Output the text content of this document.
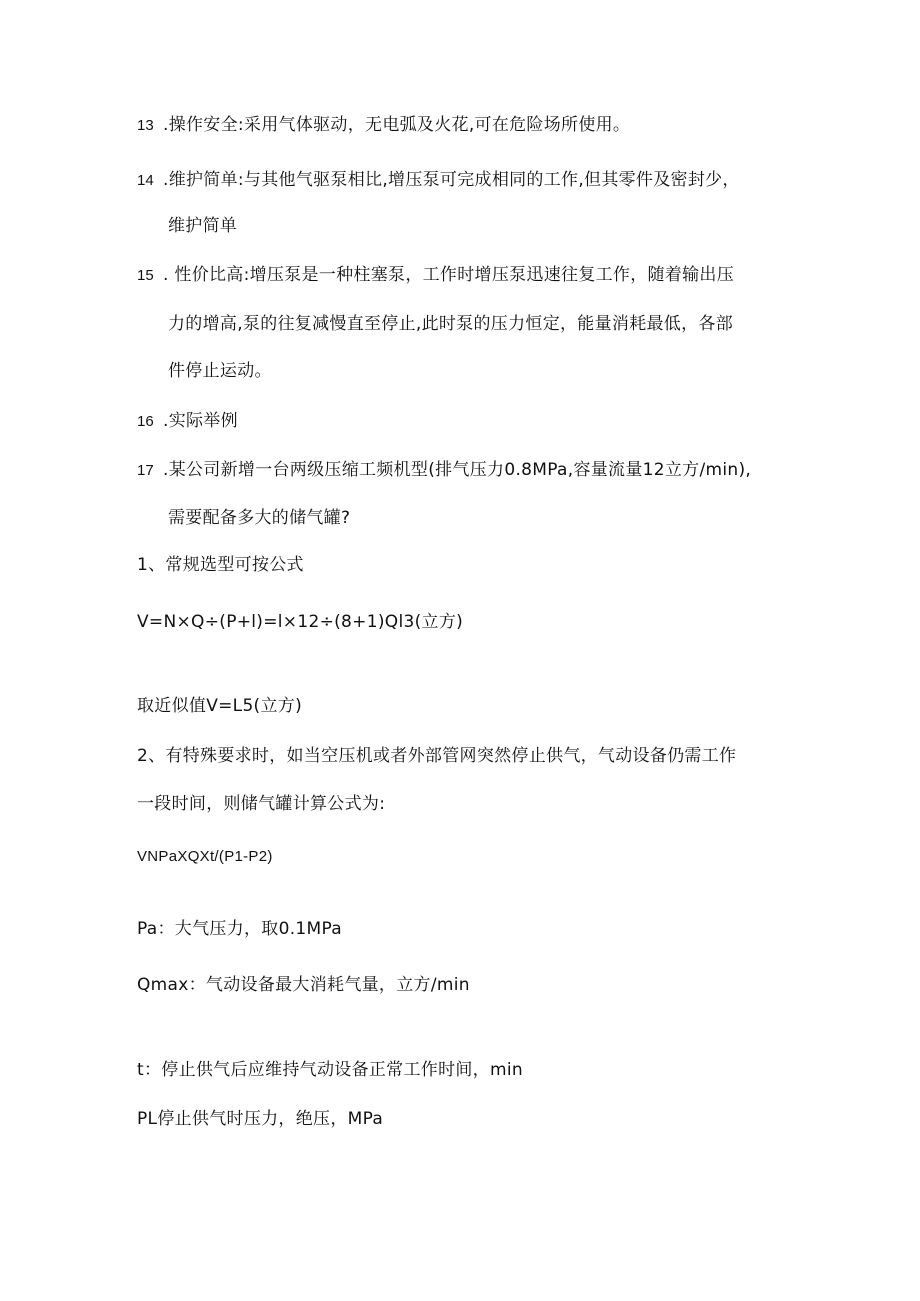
13 .操作安全:采用气体驱动，无电弧及火花,可在危险场所使用。
14 .维护简单:与其他气驱泵相比,增压泵可完成相同的工作,但其零件及密封少，
维护简单
15 . 性价比高:增压泵是一种柱塞泵，工作时增压泵迅速往复工作，随着输出压
力的增高,泵的往复减慢直至停止,此时泵的压力恒定，能量消耗最低，各部
件停止运动。
16 .实际举例
17 .某公司新增一台两级压缩工频机型(排气压力0.8MPa,容量流量12立方∕min),
需要配备多大的储气罐?
1、常规选型可按公式
V=N×Q÷(P+l)=l×12÷(8+1)Ql3(立方)
取近似值V=L5(立方)
2、有特殊要求时，如当空压机或者外部管网突然停止供气，气动设备仍需工作
一段时间，则储气罐计算公式为:
VNPaXQXt/(P1-P2)
Pa：大气压力，取0.1MPa
Qmax：气动设备最大消耗气量，立方∕min
t：停止供气后应维持气动设备正常工作时间，min
PL停止供气时压力，绝压，MPa
